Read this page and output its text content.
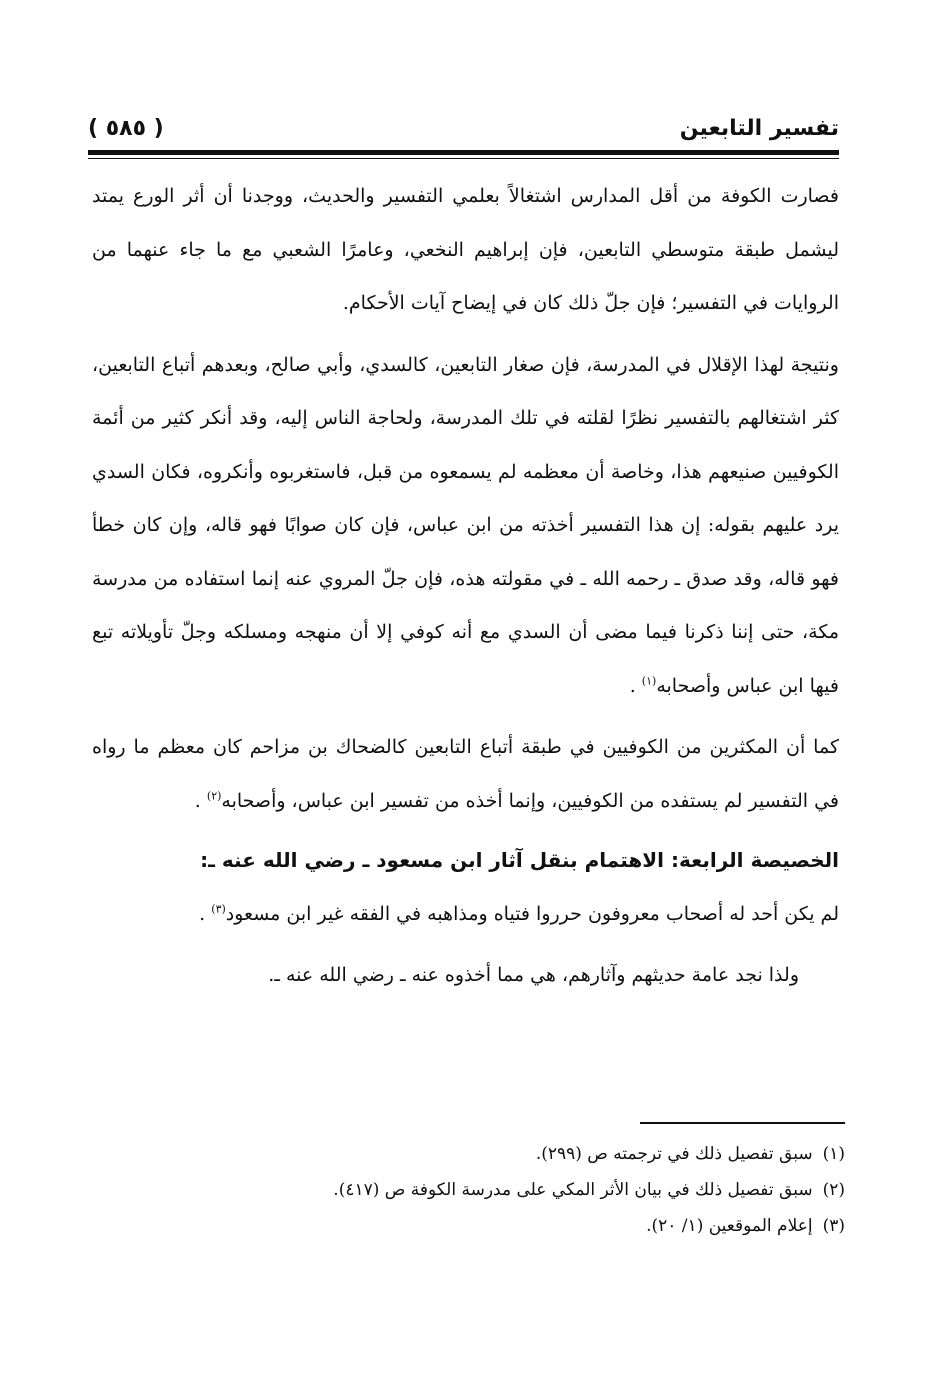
تفسير التابعين
( ٥٨٥ )

فصارت الكوفة من أقل المدارس اشتغالاً بعلمي التفسير والحديث، ووجدنا أن أثر الورع يمتد ليشمل طبقة متوسطي التابعين، فإن إبراهيم النخعي، وعامرًا الشعبي مع ما جاء عنهما من الروايات في التفسير؛ فإن جلّ ذلك كان في إيضاح آيات الأحكام.

ونتيجة لهذا الإقلال في المدرسة، فإن صغار التابعين، كالسدي، وأبي صالح، وبعدهم أتباع التابعين، كثر اشتغالهم بالتفسير نظرًا لقلته في تلك المدرسة، ولحاجة الناس إليه، وقد أنكر كثير من أئمة الكوفيين صنيعهم هذا، وخاصة أن معظمه لم يسمعوه من قبل، فاستغربوه وأنكروه، فكان السدي يرد عليهم بقوله: إن هذا التفسير أخذته من ابن عباس، فإن كان صوابًا فهو قاله، وإن كان خطأ فهو قاله، وقد صدق ـ رحمه الله ـ في مقولته هذه، فإن جلّ المروي عنه إنما استفاده من مدرسة مكة، حتى إننا ذكرنا فيما مضى أن السدي مع أنه كوفي إلا أن منهجه ومسلكه وجلّ تأويلاته تبع فيها ابن عباس وأصحابه$^{(١)}$ .

كما أن المكثرين من الكوفيين في طبقة أتباع التابعين كالضحاك بن مزاحم كان معظم ما رواه في التفسير لم يستفده من الكوفيين، وإنما أخذه من تفسير ابن عباس، وأصحابه$^{(٢)}$ .

الخصيصة الرابعة: الاهتمام بنقل آثار ابن مسعود ـ رضي الله عنه ـ:

لم يكن أحد له أصحاب معروفون حرروا فتياه ومذاهبه في الفقه غير ابن مسعود$^{(٣)}$ .

ولذا نجد عامة حديثهم وآثارهم، هي مما أخذوه عنه ـ رضي الله عنه ـ.

(١)سبق تفصيل ذلك في ترجمته ص (٢٩٩).
(٢)سبق تفصيل ذلك في بيان الأثر المكي على مدرسة الكوفة ص (٤١٧).
(٣)إعلام الموقعين (١/ ٢٠).
